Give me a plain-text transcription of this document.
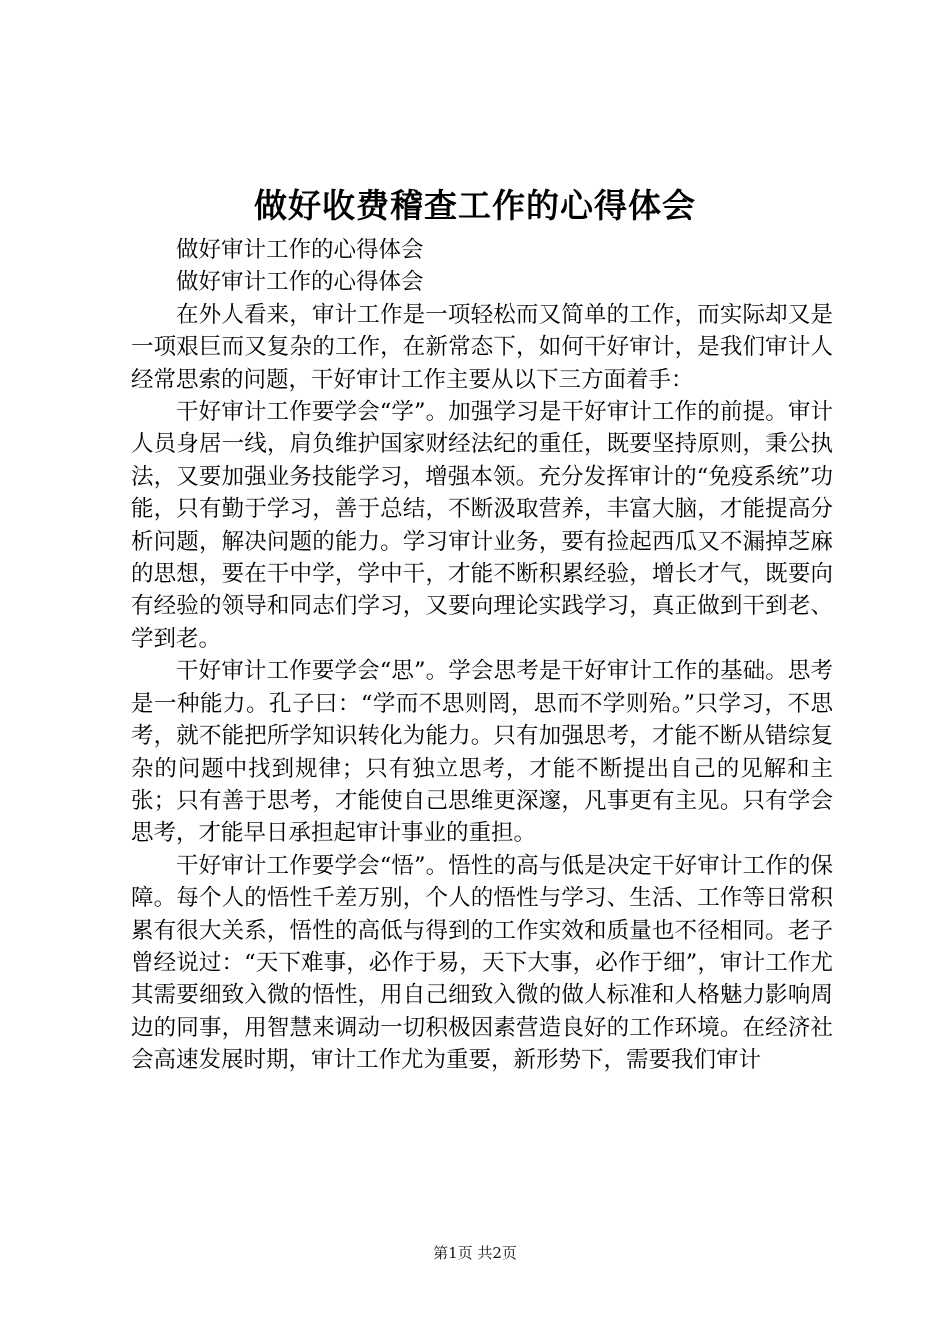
做好收费稽查工作的心得体会

做好审计工作的心得体会

做好审计工作的心得体会

在外人看来，审计工作是一项轻松而又简单的工作，而实际却又是一项艰巨而又复杂的工作，在新常态下，如何干好审计，是我们审计人经常思索的问题，干好审计工作主要从以下三方面着手：

干好审计工作要学会“学”。加强学习是干好审计工作的前提。审计人员身居一线，肩负维护国家财经法纪的重任，既要坚持原则，秉公执法，又要加强业务技能学习，增强本领。充分发挥审计的“免疫系统”功能，只有勤于学习，善于总结，不断汲取营养，丰富大脑，才能提高分析问题，解决问题的能力。学习审计业务，要有捡起西瓜又不漏掉芝麻的思想，要在干中学，学中干，才能不断积累经验，增长才气，既要向有经验的领导和同志们学习，又要向理论实践学习，真正做到干到老、学到老。

干好审计工作要学会“思”。学会思考是干好审计工作的基础。思考是一种能力。孔子曰：“学而不思则罔，思而不学则殆。”只学习，不思考，就不能把所学知识转化为能力。只有加强思考，才能不断从错综复杂的问题中找到规律；只有独立思考，才能不断提出自己的见解和主张；只有善于思考，才能使自己思维更深邃，凡事更有主见。只有学会思考，才能早日承担起审计事业的重担。

干好审计工作要学会“悟”。悟性的高与低是决定干好审计工作的保障。每个人的悟性千差万别，个人的悟性与学习、生活、工作等日常积累有很大关系，悟性的高低与得到的工作实效和质量也不径相同。老子曾经说过：“天下难事，必作于易，天下大事，必作于细”，审计工作尤其需要细致入微的悟性，用自己细致入微的做人标准和人格魅力影响周边的同事，用智慧来调动一切积极因素营造良好的工作环境。在经济社会高速发展时期，审计工作尤为重要，新形势下，需要我们审计

第1页 共2页
